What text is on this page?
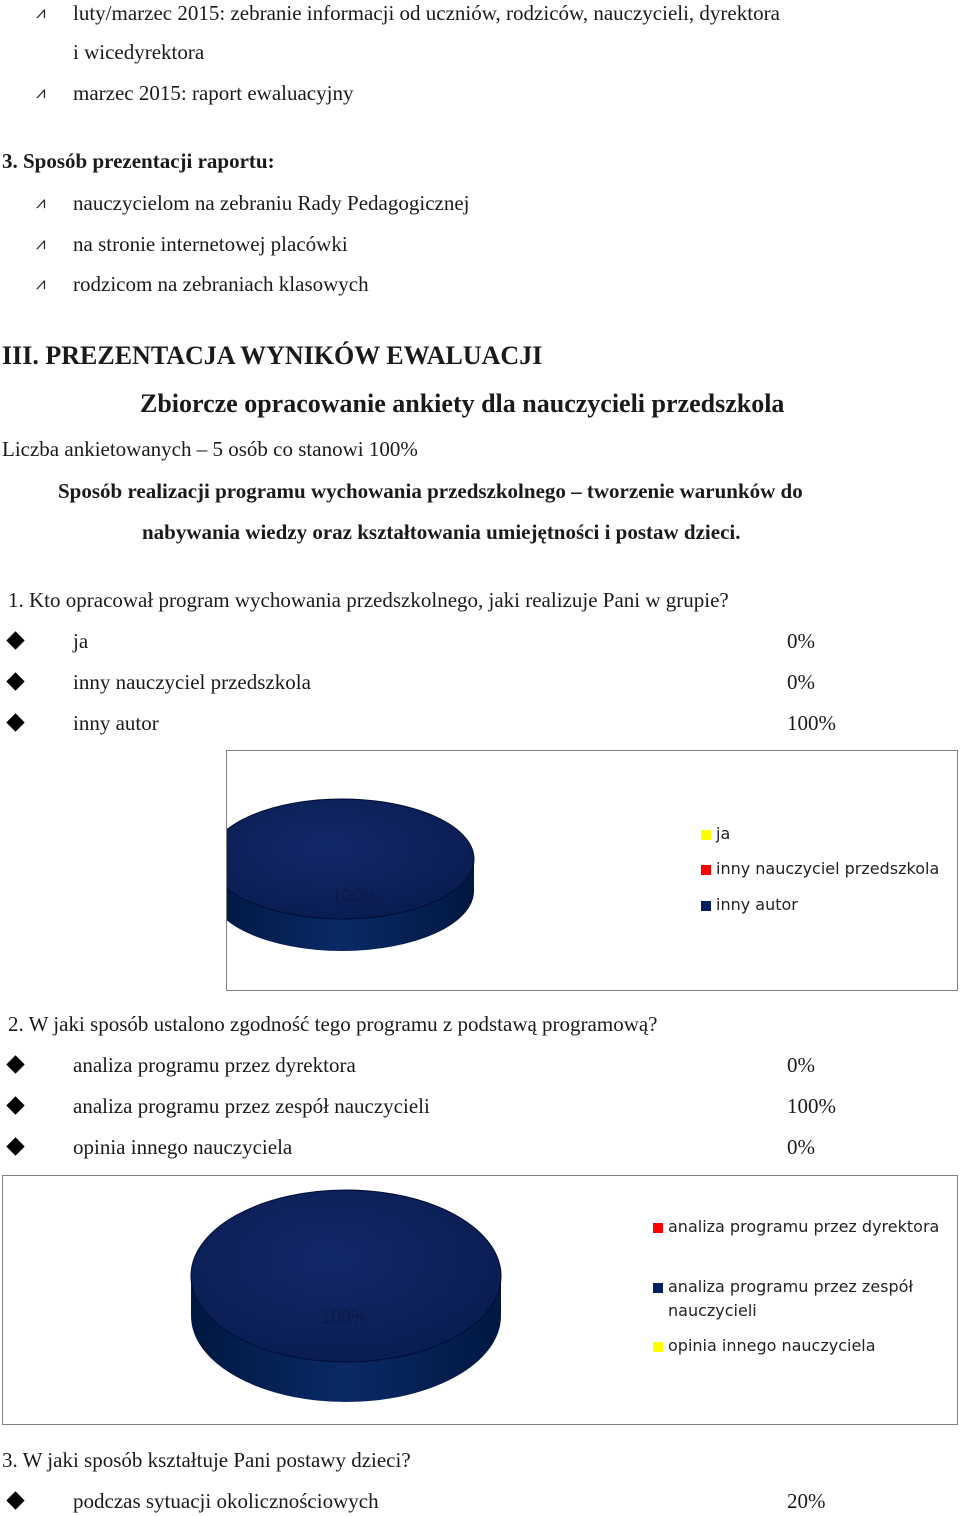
⩘ luty/marzec 2015: zebranie informacji od uczniów, rodziców, nauczycieli, dyrektora
i wicedyrektora
⩘ marzec 2015: raport ewaluacyjny
3. Sposób prezentacji raportu:
⩘ nauczycielom na zebraniu Rady Pedagogicznej
⩘ na stronie internetowej placówki
⩘ rodzicom na zebraniach klasowych
III. PREZENTACJA WYNIKÓW EWALUACJI
Zbiorcze opracowanie ankiety dla nauczycieli przedszkola
Liczba ankietowanych – 5 osób co stanowi 100%
Sposób realizacji programu wychowania przedszkolnego – tworzenie warunków do
nabywania wiedzy oraz kształtowania umiejętności i postaw dzieci.
1. Kto opracował program wychowania przedszkolnego, jaki realizuje Pani w grupie?
ja	0%
inny nauczyciel przedszkola	0%
inny autor	100%
100%
ja
inny nauczyciel przedszkola
inny autor
2. W jaki sposób ustalono zgodność tego programu z podstawą programową?
analiza programu przez dyrektora	0%
analiza programu przez zespół nauczycieli	100%
opinia innego nauczyciela	0%
100%
analiza programu przez dyrektora
analiza programu przez zespół
nauczycieli
opinia innego nauczyciela
3. W jaki sposób kształtuje Pani postawy dzieci?
podczas sytuacji okolicznościowych	20%
